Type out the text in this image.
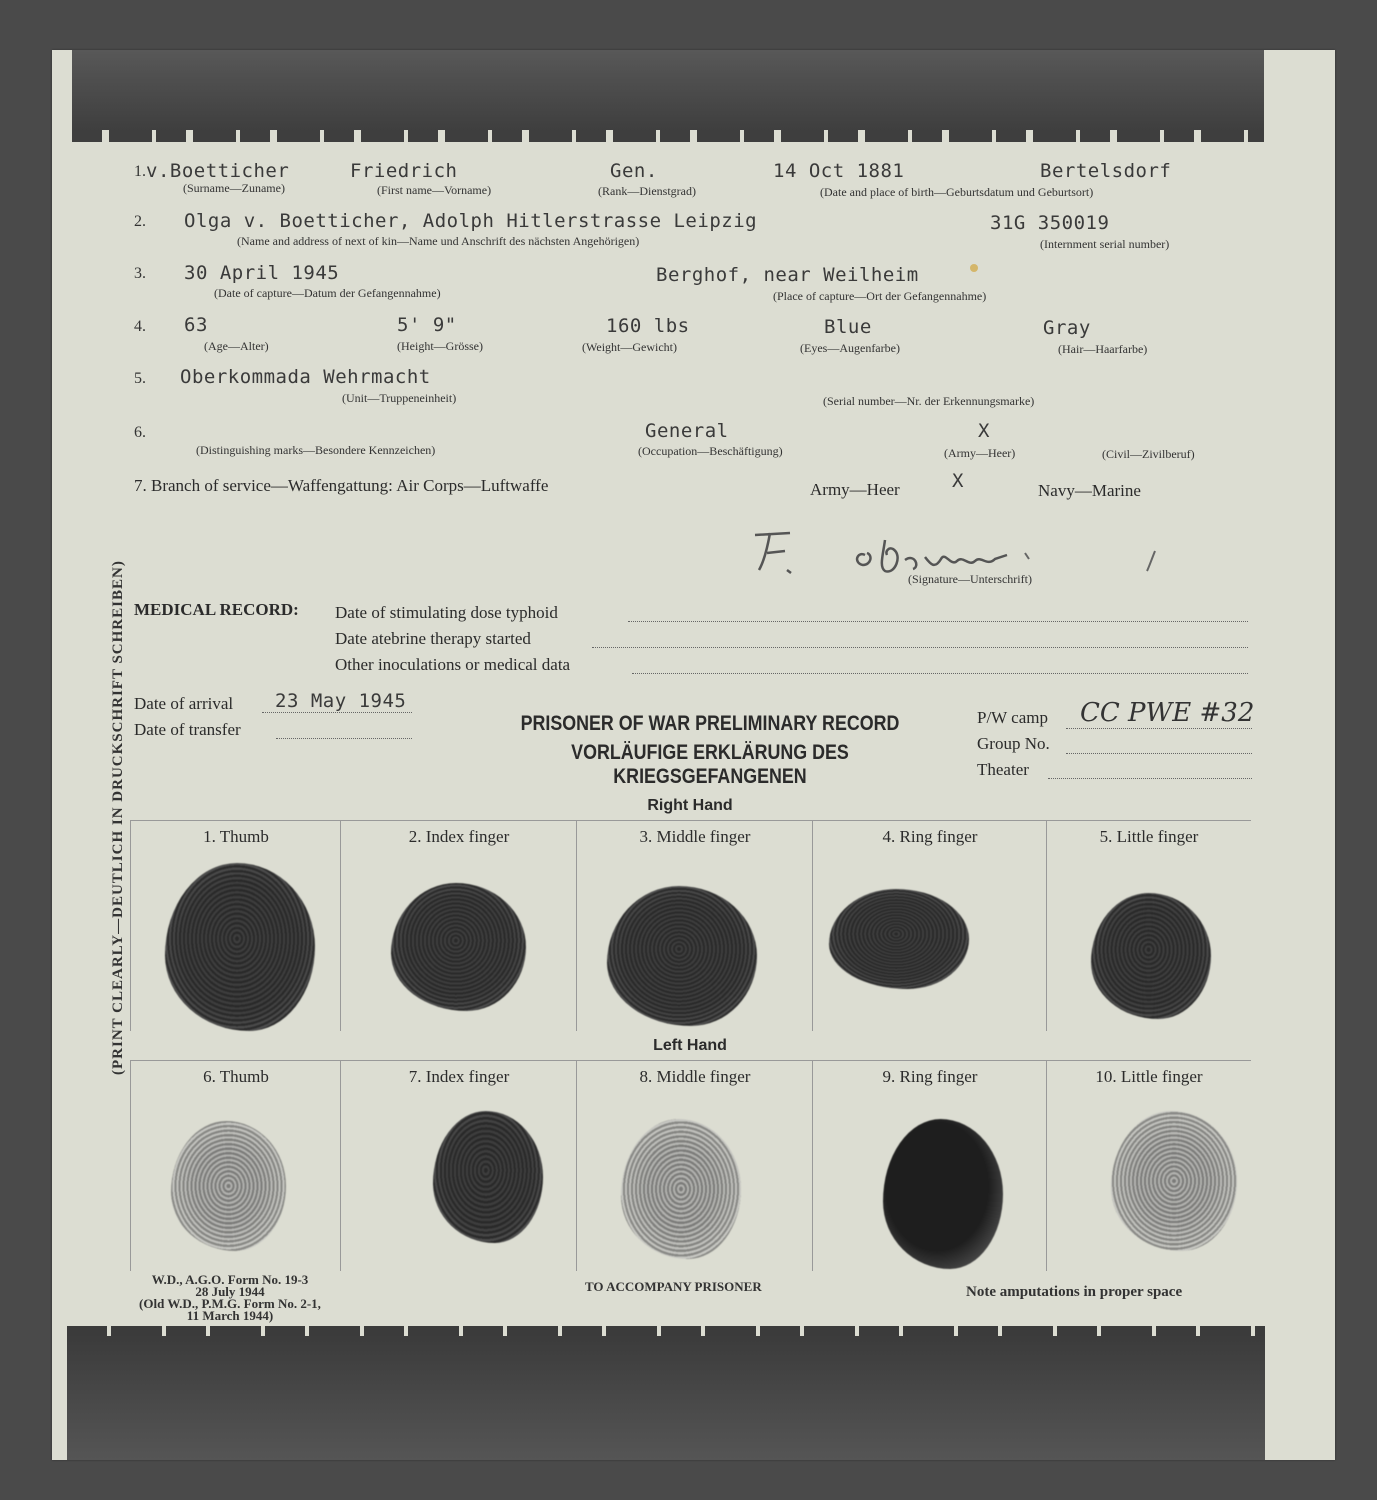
1. v.Boetticher	Friedrich	Gen.	14 Oct 1881	Bertelsdorf
(Surname—Zuname)	(First name—Vorname)	(Rank—Dienstgrad)	(Date and place of birth—Geburtsdatum und Geburtsort)
2. Olga v. Boetticher, Adolph Hitlerstrasse Leipzig	31G 350019
(Name and address of next of kin—Name und Anschrift des nächsten Angehörigen)	(Internment serial number)
3. 30 April 1945	Berghof, near Weilheim
(Date of capture—Datum der Gefangennahme)	(Place of capture—Ort der Gefangennahme)
4. 63	5' 9"	160 lbs	Blue	Gray
(Age—Alter)	(Height—Grösse)	(Weight—Gewicht)	(Eyes—Augenfarbe)	(Hair—Haarfarbe)
5. Oberkommada Wehrmacht
(Unit—Truppeneinheit)	(Serial number—Nr. der Erkennungsmarke)
6.	General	X
(Distinguishing marks—Besondere Kennzeichen)	(Occupation—Beschäftigung)	(Army—Heer)	(Civil—Zivilberuf)
7. Branch of service—Waffengattung: Air Corps—Luftwaffe	Army—Heer	X	Navy—Marine
(Signature—Unterschrift)
MEDICAL RECORD: Date of stimulating dose typhoid
Date atebrine therapy started
Other inoculations or medical data
Date of arrival 23 May 1945
Date of transfer	PRISONER OF WAR PRELIMINARY RECORD
VORLÄUFIGE ERKLÄRUNG DES KRIEGSGEFANGENEN
P/W camp CC PWE #32
Group No.
Theater
(PRINT CLEARLY—DEUTLICH IN DRUCKSCHRIFT SCHREIBEN)	Right Hand
1. Thumb	2. Index finger	3. Middle finger	4. Ring finger	5. Little finger
Left Hand
6. Thumb	7. Index finger	8. Middle finger	9. Ring finger	10. Little finger
W.D., A.G.O. Form No. 19-3
28 July 1944
(Old W.D., P.M.G. Form No. 2-1,
11 March 1944)
TO ACCOMPANY PRISONER	Note amputations in proper space
